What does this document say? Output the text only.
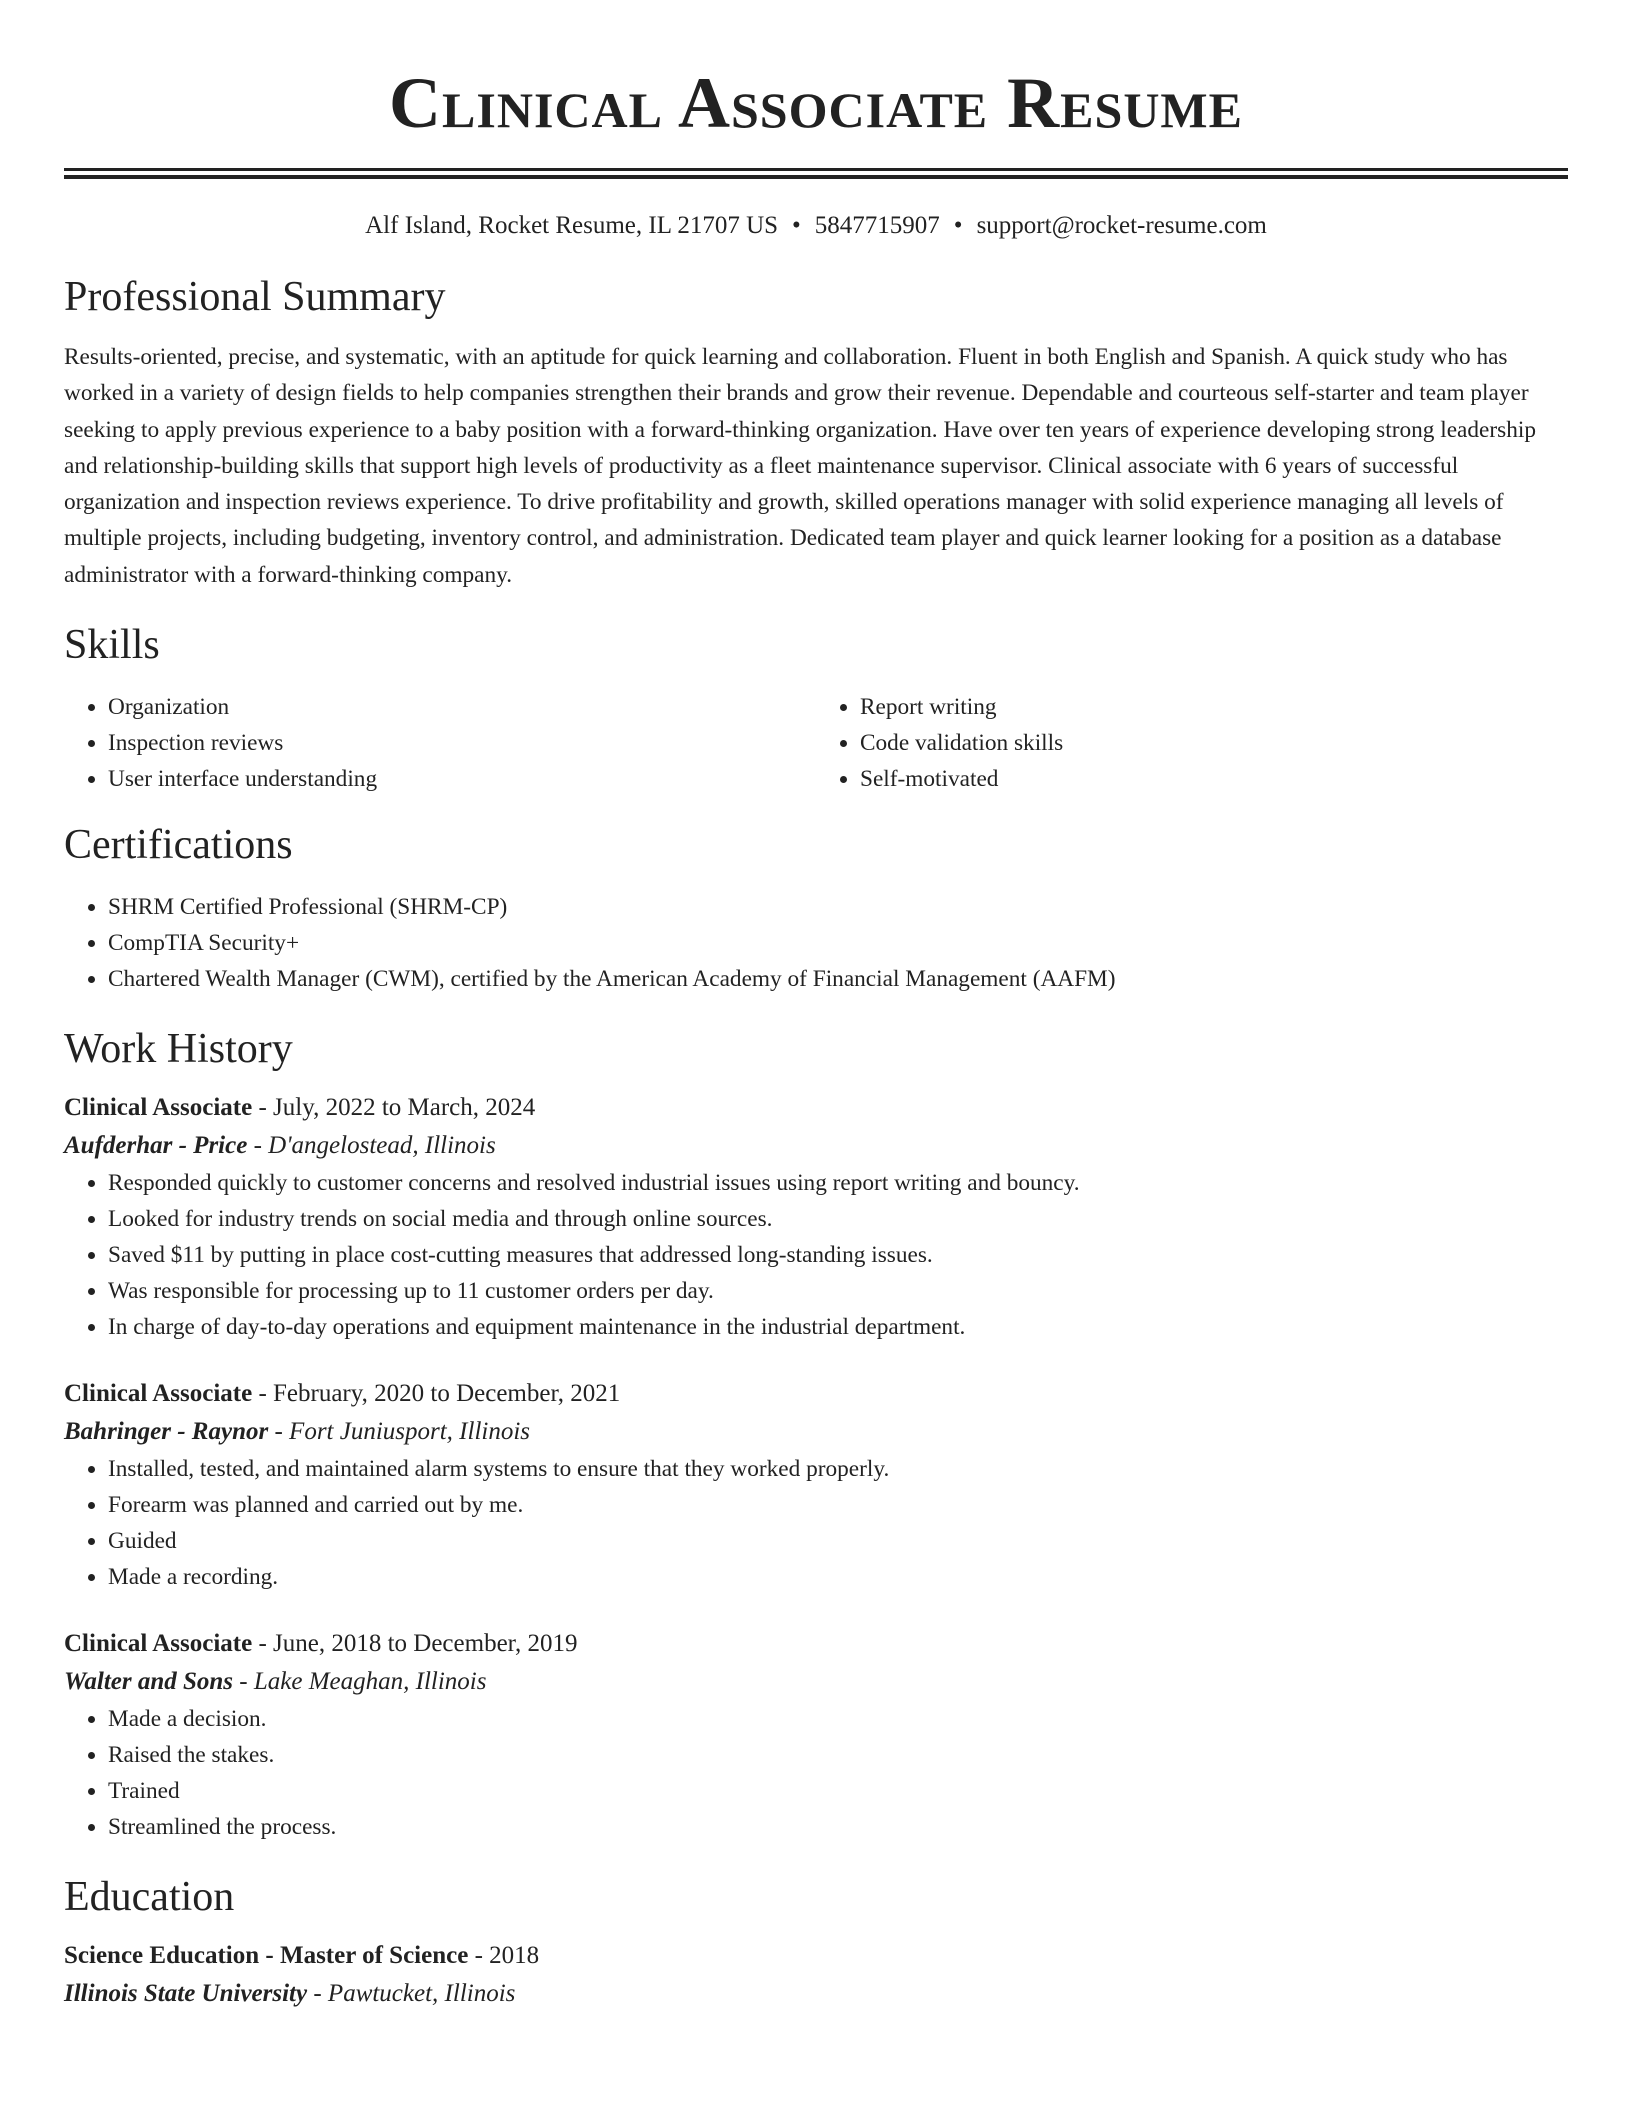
Clinical Associate Resume
Alf Island, Rocket Resume, IL 21707 US • 5847715907 • support@rocket-resume.com
Professional Summary

Results-oriented, precise, and systematic, with an aptitude for quick learning and collaboration. Fluent in both English and Spanish. A quick study who has worked in a variety of design fields to help companies strengthen their brands and grow their revenue. Dependable and courteous self-starter and team player seeking to apply previous experience to a baby position with a forward-thinking organization. Have over ten years of experience developing strong leadership and relationship-building skills that support high levels of productivity as a fleet maintenance supervisor. Clinical associate with 6 years of successful organization and inspection reviews experience. To drive profitability and growth, skilled operations manager with solid experience managing all levels of multiple projects, including budgeting, inventory control, and administration. Dedicated team player and quick learner looking for a position as a database administrator with a forward-thinking company.

Skills
• Organization
• Inspection reviews
• User interface understanding
• Report writing
• Code validation skills
• Self-motivated
Certifications
• SHRM Certified Professional (SHRM-CP)
• CompTIA Security+
• Chartered Wealth Manager (CWM), certified by the American Academy of Financial Management (AAFM)
Work History
Clinical Associate - July, 2022 to March, 2024
Aufderhar - Price - D'angelostead, Illinois
• Responded quickly to customer concerns and resolved industrial issues using report writing and bouncy.
• Looked for industry trends on social media and through online sources.
• Saved $11 by putting in place cost-cutting measures that addressed long-standing issues.
• Was responsible for processing up to 11 customer orders per day.
• In charge of day-to-day operations and equipment maintenance in the industrial department.
Clinical Associate - February, 2020 to December, 2021
Bahringer - Raynor - Fort Juniusport, Illinois
• Installed, tested, and maintained alarm systems to ensure that they worked properly.
• Forearm was planned and carried out by me.
• Guided
• Made a recording.
Clinical Associate - June, 2018 to December, 2019
Walter and Sons - Lake Meaghan, Illinois
• Made a decision.
• Raised the stakes.
• Trained
• Streamlined the process.
Education
Science Education - Master of Science - 2018
Illinois State University - Pawtucket, Illinois
